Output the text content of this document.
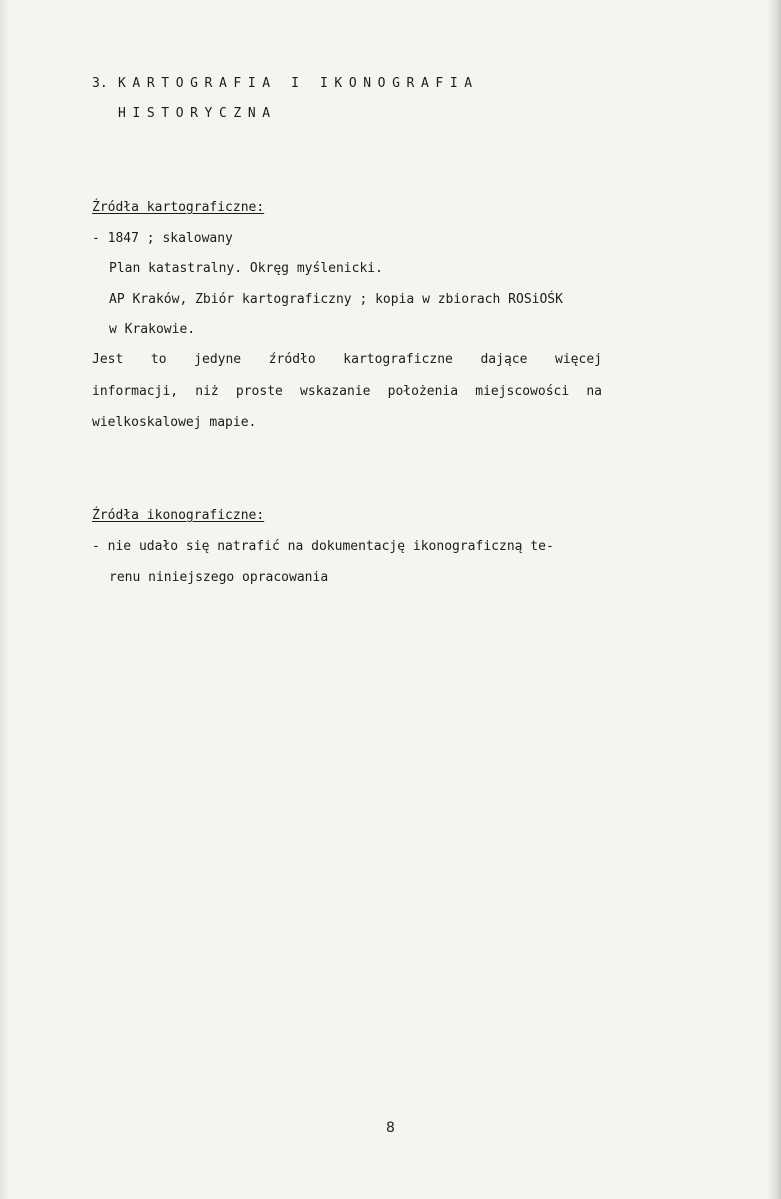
3. KARTOGRAFIA I IKONOGRAFIA
HISTORYCZNA
Źródła kartograficzne:
- 1847 ; skalowany
Plan katastralny. Okręg myślenicki.
AP Kraków, Zbiór kartograficzny ; kopia w zbiorach ROSiOŚK
w Krakowie.
Jest to jedyne źródło kartograficzne dające więcej
informacji, niż proste wskazanie położenia miejscowości na
wielkoskalowej mapie.
Źródła ikonograficzne:
- nie udało się natrafić na dokumentację ikonograficzną te-
renu niniejszego opracowania
8
